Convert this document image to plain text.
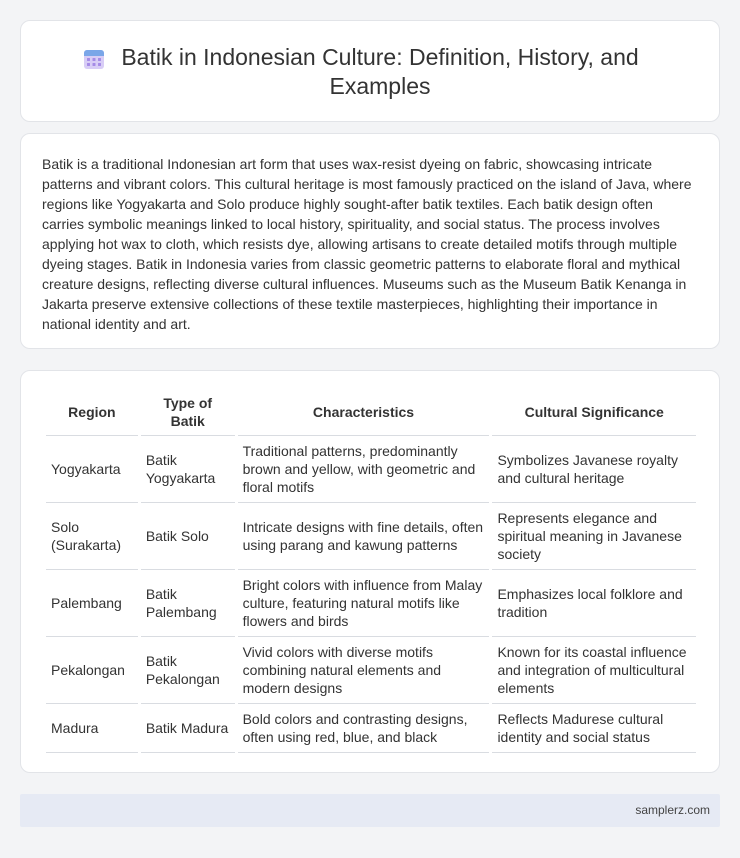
Batik in Indonesian Culture: Definition, History, and Examples

Batik is a traditional Indonesian art form that uses wax-resist dyeing on fabric, showcasing intricate patterns and vibrant colors. This cultural heritage is most famously practiced on the island of Java, where regions like Yogyakarta and Solo produce highly sought-after batik textiles. Each batik design often carries symbolic meanings linked to local history, spirituality, and social status. The process involves applying hot wax to cloth, which resists dye, allowing artisans to create detailed motifs through multiple dyeing stages. Batik in Indonesia varies from classic geometric patterns to elaborate floral and mythical creature designs, reflecting diverse cultural influences. Museums such as the Museum Batik Kenanga in Jakarta preserve extensive collections of these textile masterpieces, highlighting their importance in national identity and art.

Region	Type of Batik	Characteristics	Cultural Significance
Yogyakarta	Batik Yogyakarta	Traditional patterns, predominantly brown and yellow, with geometric and floral motifs	Symbolizes Javanese royalty and cultural heritage
Solo (Surakarta)	Batik Solo	Intricate designs with fine details, often using parang and kawung patterns	Represents elegance and spiritual meaning in Javanese society
Palembang	Batik Palembang	Bright colors with influence from Malay culture, featuring natural motifs like flowers and birds	Emphasizes local folklore and tradition
Pekalongan	Batik Pekalongan	Vivid colors with diverse motifs combining natural elements and modern designs	Known for its coastal influence and integration of multicultural elements
Madura	Batik Madura	Bold colors and contrasting designs, often using red, blue, and black	Reflects Madurese cultural identity and social status
samplerz.com
